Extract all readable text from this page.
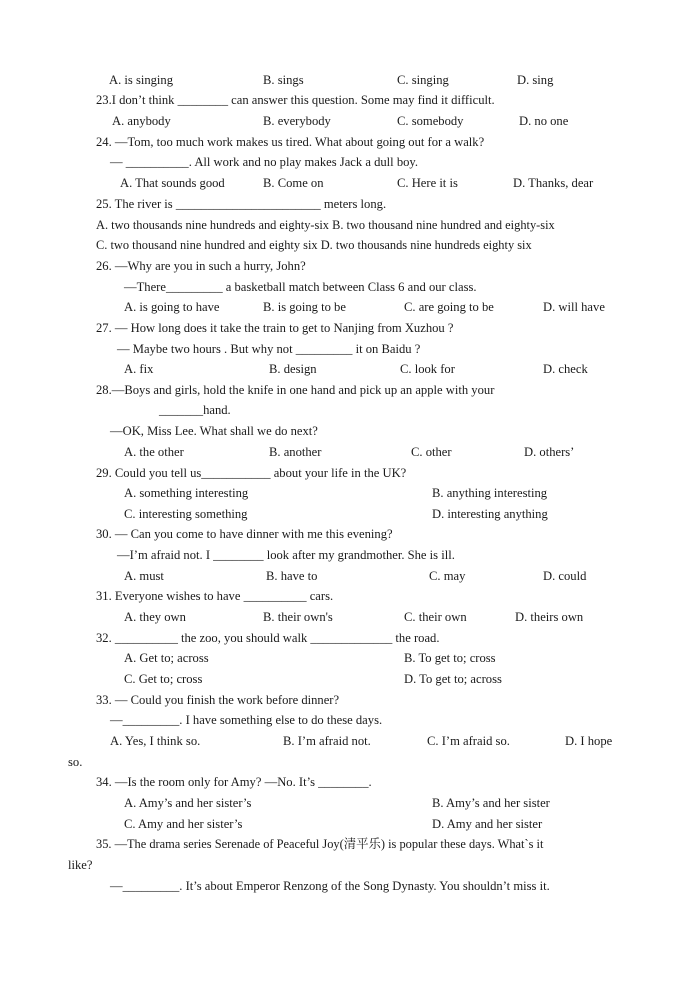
A. is singing	B. sings	C. singing	D. sing
23.I don’t think ________ can answer this question. Some may find it difficult.
A. anybody	B. everybody	C. somebody	D. no one
24. —Tom, too much work makes us tired. What about going out for a walk?
— __________. All work and no play makes Jack a dull boy.
A. That sounds good	B. Come on	C. Here it is	D. Thanks, dear
25. The river is _______________________ meters long.
A. two thousands nine hundreds and eighty-six B. two thousand nine hundred and eighty-six
C. two thousand nine hundred and eighty six D. two thousands nine hundreds eighty six
26. —Why are you in such a hurry, John?
—There_________ a basketball match between Class 6 and our class.
A. is going to have	B. is going to be	C. are going to be	D. will have
27. — How long does it take the train to get to Nanjing from Xuzhou ?
— Maybe two hours . But why not _________ it on Baidu ?
A. fix	B. design	C. look for	D. check
28.—Boys and girls, hold the knife in one hand and pick up an apple with your
_______hand.
—OK, Miss Lee. What shall we do next?
A. the other	B. another	C. other	D. others’
29. Could you tell us___________ about your life in the UK?
A. something interesting	B. anything interesting
C. interesting something	D. interesting anything
30. — Can you come to have dinner with me this evening?
—I’m afraid not. I ________ look after my grandmother. She is ill.
A. must	B. have to	C. may	D. could
31. Everyone wishes to have __________ cars.
A. they own	B. their own's	C. their own	D. theirs own
32. __________ the zoo, you should walk _____________ the road.
A. Get to; across	B. To get to; cross
C. Get to; cross	D. To get to; across
33. — Could you finish the work before dinner?
—_________. I have something else to do these days.
A. Yes, I think so.	B. I’m afraid not.	C. I’m afraid so.	D. I hope
so.
34. —Is the room only for Amy? —No. It’s ________.
A. Amy’s and her sister’s	B. Amy’s and her sister
C. Amy and her sister’s	D. Amy and her sister
35. —The drama series Serenade of Peaceful Joy(清平乐) is popular these days. What`s it
like?
—_________. It’s about Emperor Renzong of the Song Dynasty. You shouldn’t miss it.
